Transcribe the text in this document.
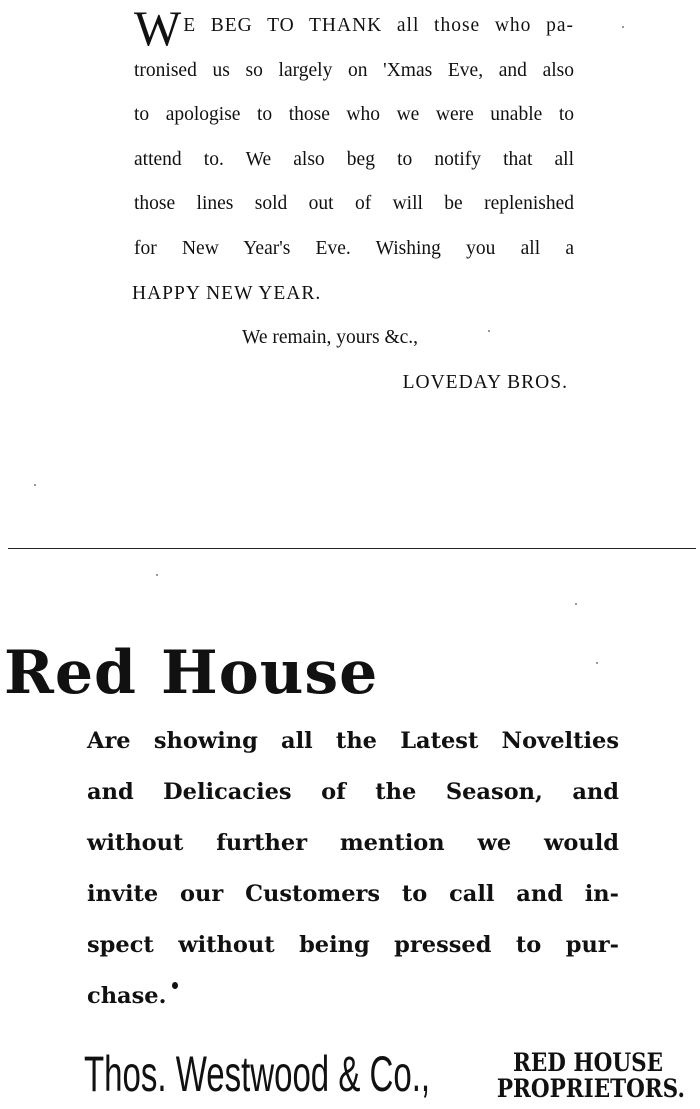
W E BEG TO THANK all those who pa-
tronised us so largely on 'Xmas Eve, and also
to apologise to those who we were unable to
attend to. We also beg to notify that all
those lines sold out of will be replenished
for New Year's Eve. Wishing you all a
HAPPY NEW YEAR.
We remain, yours &c.,
LOVEDAY BROS.
Red House
Are showing all the Latest Novelties
and Delicacies of the Season, and
without further mention we would
invite our Customers to call and in-
spect without being pressed to pur-
chase.
Thos. Westwood & Co.,	RED HOUSE
PROPRIETORS.
